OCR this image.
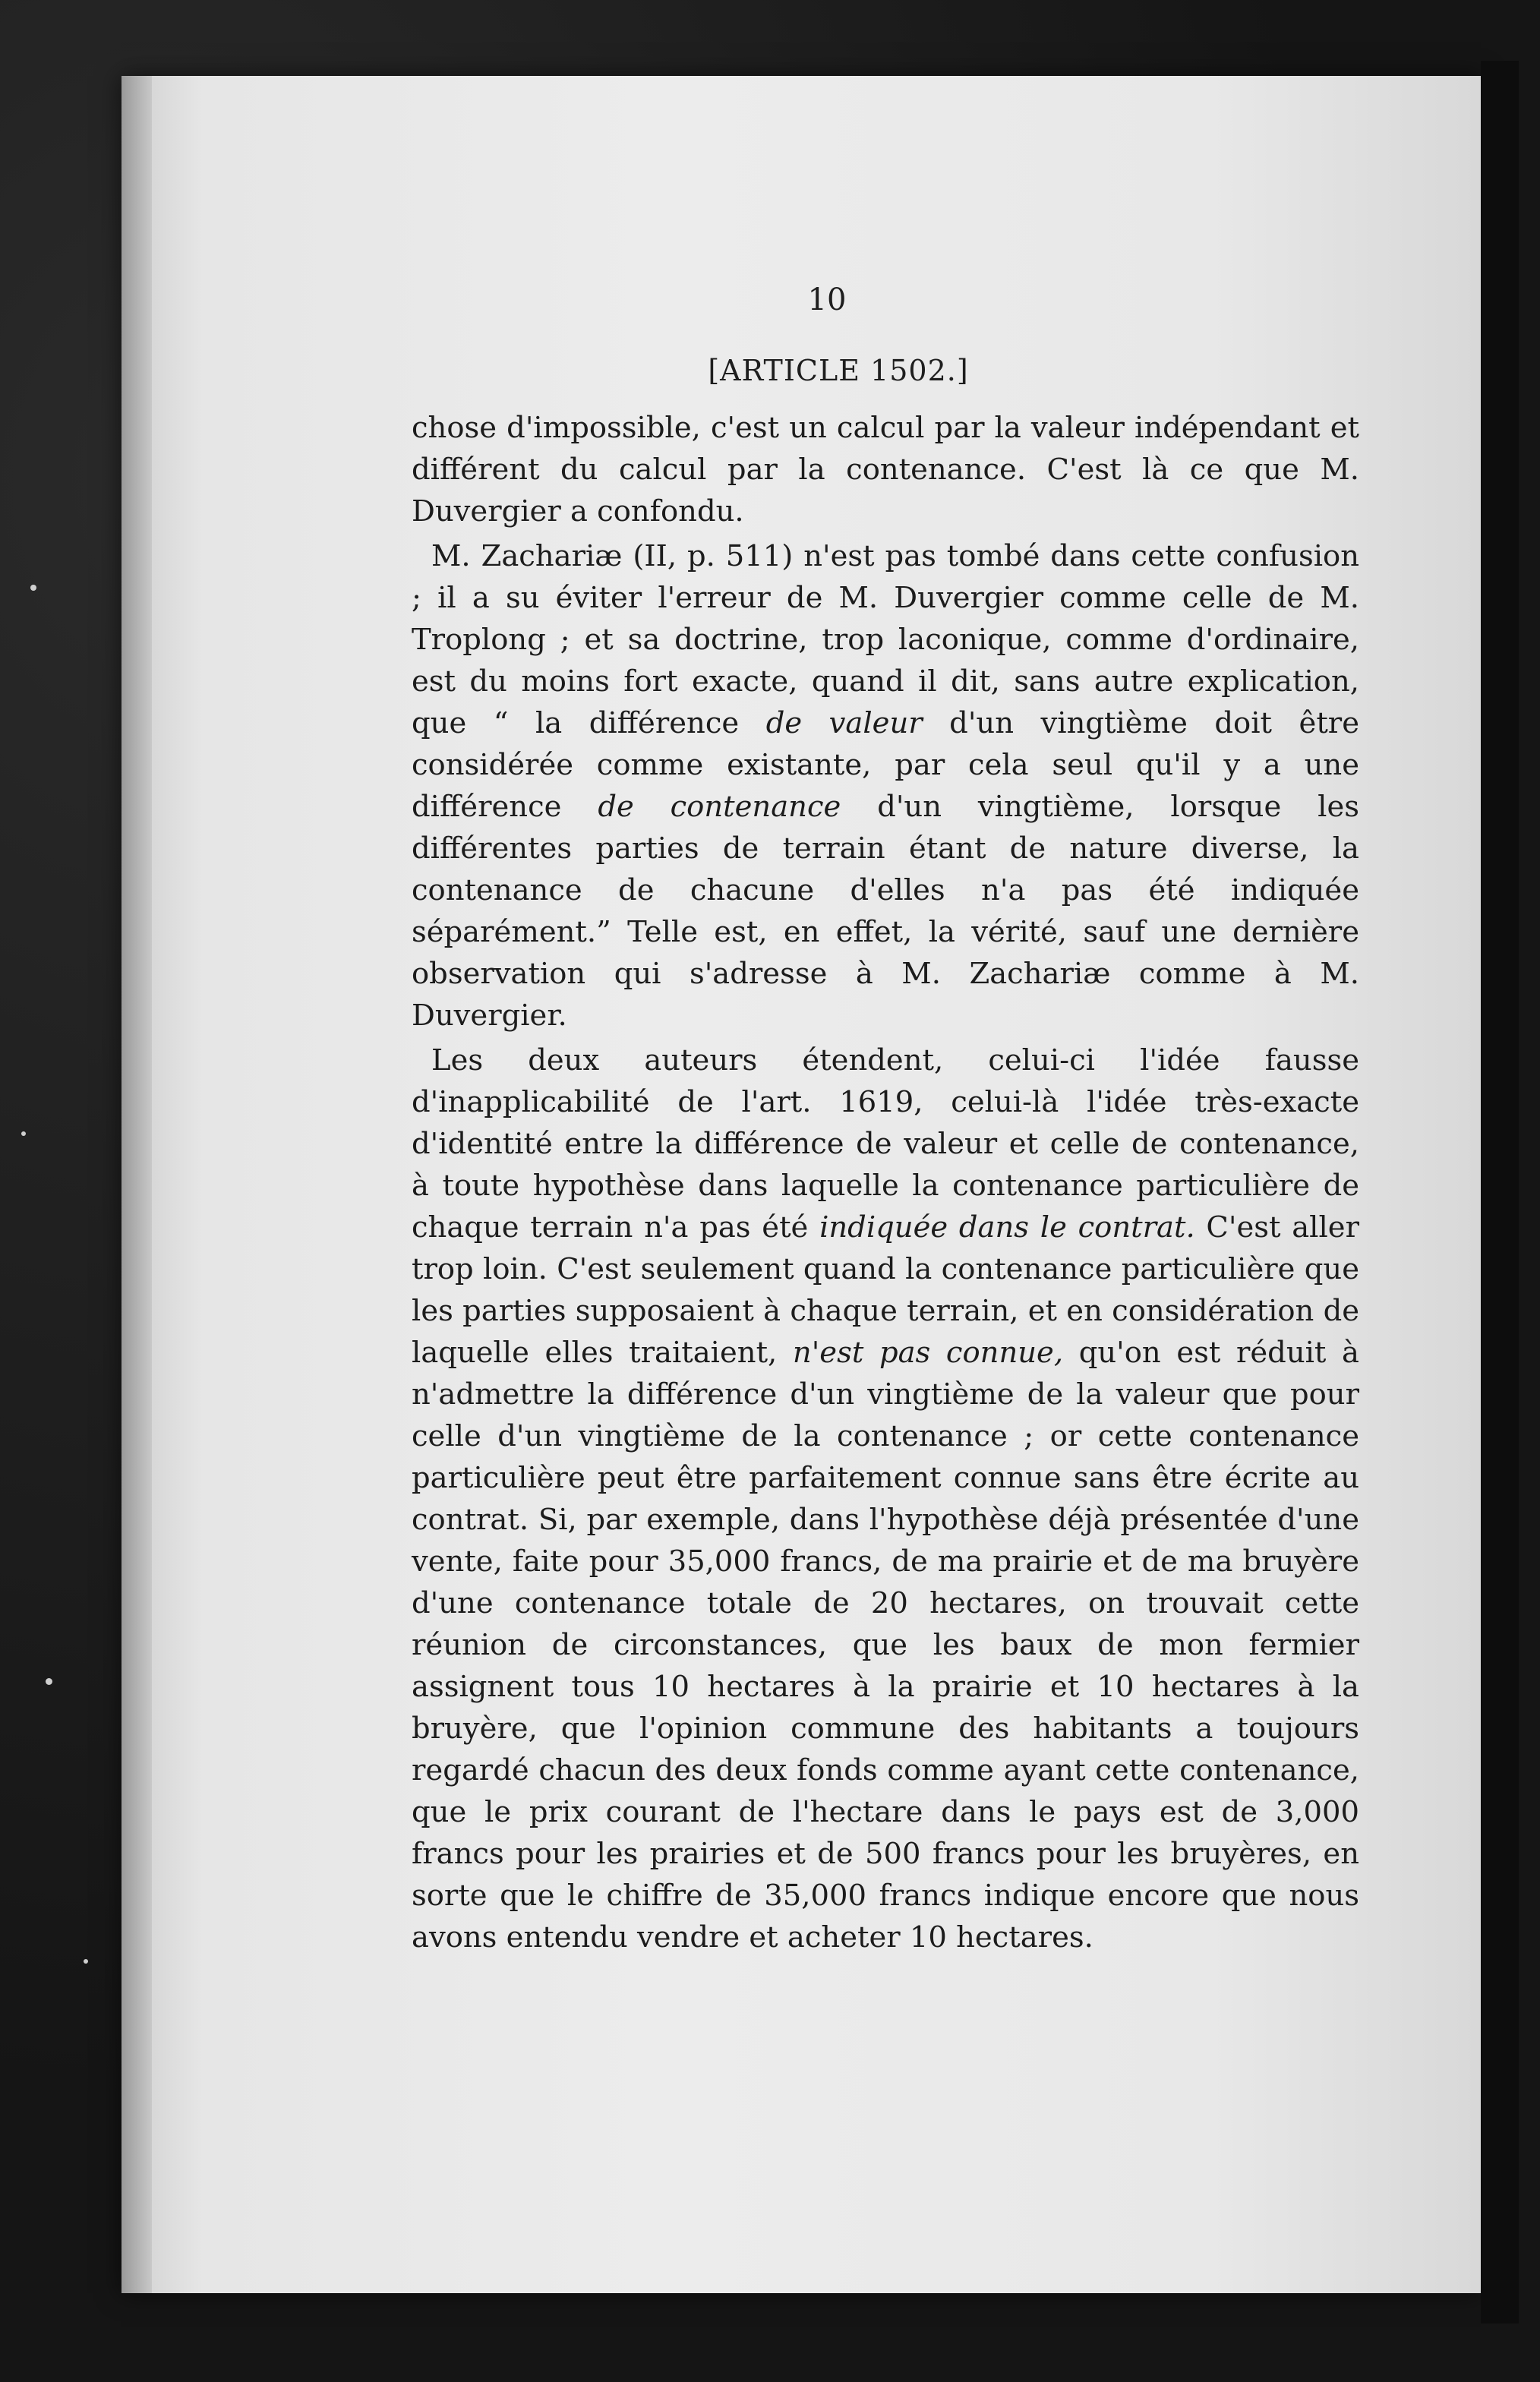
10
[ARTICLE 1502.]

chose d'impossible, c'est un calcul par la valeur indépendant et différent du calcul par la contenance. C'est là ce que M. Duvergier a confondu.

M. Zachariæ (II, p. 511) n'est pas tombé dans cette confusion ; il a su éviter l'erreur de M. Duvergier comme celle de M. Troplong ; et sa doctrine, trop laconique, comme d'ordinaire, est du moins fort exacte, quand il dit, sans autre explication, que “ la différence de valeur d'un vingtième doit être considérée comme existante, par cela seul qu'il y a une différence de contenance d'un vingtième, lorsque les différentes parties de terrain étant de nature diverse, la contenance de chacune d'elles n'a pas été indiquée séparément.” Telle est, en effet, la vérité, sauf une dernière observation qui s'adresse à M. Zachariæ comme à M. Duvergier.

Les deux auteurs étendent, celui-ci l'idée fausse d'inapplicabilité de l'art. 1619, celui-là l'idée très-exacte d'identité entre la différence de valeur et celle de contenance, à toute hypothèse dans laquelle la contenance particulière de chaque terrain n'a pas été indiquée dans le contrat. C'est aller trop loin. C'est seulement quand la contenance particulière que les parties supposaient à chaque terrain, et en considération de laquelle elles traitaient, n'est pas connue, qu'on est réduit à n'admettre la différence d'un vingtième de la valeur que pour celle d'un vingtième de la contenance ; or cette contenance particulière peut être parfaitement connue sans être écrite au contrat. Si, par exemple, dans l'hypothèse déjà présentée d'une vente, faite pour 35,000 francs, de ma prairie et de ma bruyère d'une contenance totale de 20 hectares, on trouvait cette réunion de circonstances, que les baux de mon fermier assignent tous 10 hectares à la prairie et 10 hectares à la bruyère, que l'opinion commune des habitants a toujours regardé chacun des deux fonds comme ayant cette contenance, que le prix courant de l'hectare dans le pays est de 3,000 francs pour les prairies et de 500 francs pour les bruyères, en sorte que le chiffre de 35,000 francs indique encore que nous avons entendu vendre et acheter 10 hectares.
